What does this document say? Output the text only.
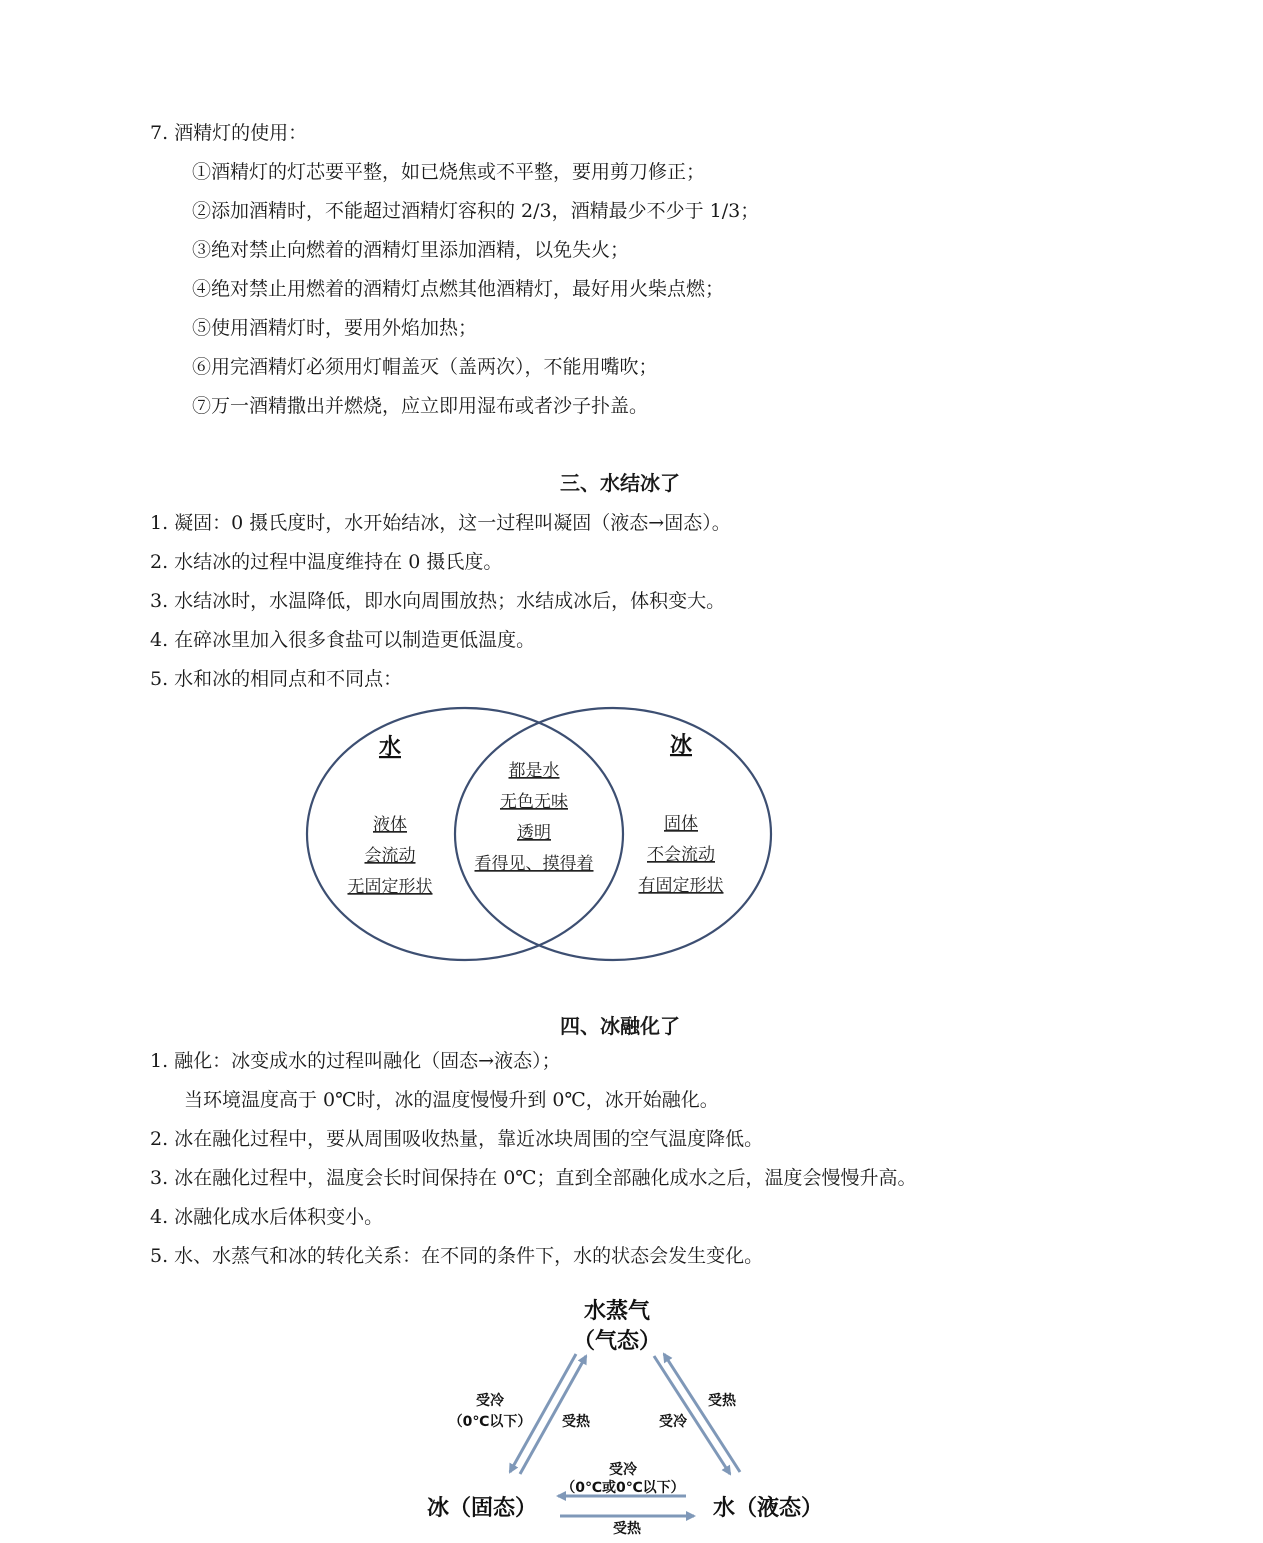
7. 酒精灯的使用：
①酒精灯的灯芯要平整，如已烧焦或不平整，要用剪刀修正；
②添加酒精时，不能超过酒精灯容积的 2/3，酒精最少不少于 1/3；
③绝对禁止向燃着的酒精灯里添加酒精，以免失火；
④绝对禁止用燃着的酒精灯点燃其他酒精灯，最好用火柴点燃；
⑤使用酒精灯时，要用外焰加热；
⑥用完酒精灯必须用灯帽盖灭（盖两次），不能用嘴吹；
⑦万一酒精撒出并燃烧，应立即用湿布或者沙子扑盖。
三、水结冰了
1. 凝固：0 摄氏度时，水开始结冰，这一过程叫凝固（液态→固态）。
2. 水结冰的过程中温度维持在 0 摄氏度。
3. 水结冰时，水温降低，即水向周围放热；水结成冰后，体积变大。
4. 在碎冰里加入很多食盐可以制造更低温度。
5. 水和冰的相同点和不同点：
水	冰
液体
会流动
无固定形状
都是水
无色无味
透明
看得见、摸得着
固体
不会流动
有固定形状
四、冰融化了
1. 融化：冰变成水的过程叫融化（固态→液态）；
当环境温度高于 0℃时，冰的温度慢慢升到 0℃，冰开始融化。
2. 冰在融化过程中，要从周围吸收热量，靠近冰块周围的空气温度降低。
3. 冰在融化过程中，温度会长时间保持在 0℃；直到全部融化成水之后，温度会慢慢升高。
4. 冰融化成水后体积变小。
5. 水、水蒸气和冰的转化关系：在不同的条件下，水的状态会发生变化。
水蒸气
（气态）
冰（固态）	水（液态）
受冷
（0℃以下） 受热
受热
受冷
受冷
（0℃或0℃以下）
受热
